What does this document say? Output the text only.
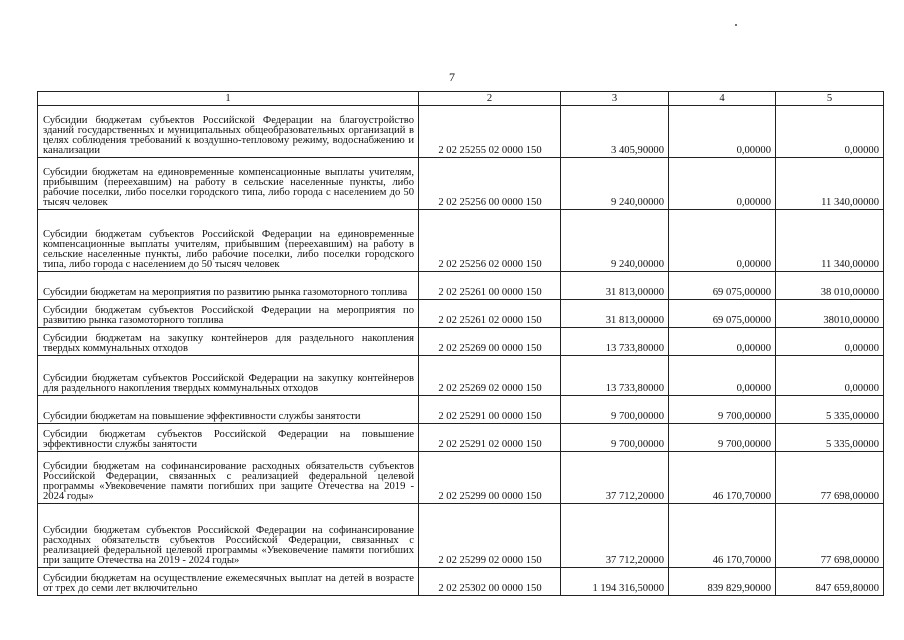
7
1	2	3	4	5
Субсидии бюджетам субъектов Российской Федерации на благоустройство зданий государственных и муниципальных общеобразовательных организаций в целях соблюдения требований к воздушно-тепловому режиму, водоснабжению и канализации	2 02 25255 02 0000 150	3 405,90000	0,00000	0,00000
Субсидии бюджетам на единовременные компенсационные выплаты учителям, прибывшим (переехавшим) на работу в сельские населенные пункты, либо рабочие поселки, либо поселки городского типа, либо города с населением до 50 тысяч человек	2 02 25256 00 0000 150	9 240,00000	0,00000	11 340,00000
Субсидии бюджетам субъектов Российской Федерации на единовременные компенсационные выплаты учителям, прибывшим (переехавшим) на работу в сельские населенные пункты, либо рабочие поселки, либо поселки городского типа, либо города с населением до 50 тысяч человек	2 02 25256 02 0000 150	9 240,00000	0,00000	11 340,00000
Субсидии бюджетам на мероприятия по развитию рынка газомоторного топлива	2 02 25261 00 0000 150	31 813,00000	69 075,00000	38 010,00000
Субсидии бюджетам субъектов Российской Федерации на мероприятия по развитию рынка газомоторного топлива	2 02 25261 02 0000 150	31 813,00000	69 075,00000	38010,00000
Субсидии бюджетам на закупку контейнеров для раздельного накопления твердых коммунальных отходов	2 02 25269 00 0000 150	13 733,80000	0,00000	0,00000
Субсидии бюджетам субъектов Российской Федерации на закупку контейнеров для раздельного накопления твердых коммунальных отходов	2 02 25269 02 0000 150	13 733,80000	0,00000	0,00000
Субсидии бюджетам на повышение эффективности службы занятости	2 02 25291 00 0000 150	9 700,00000	9 700,00000	5 335,00000
Субсидии бюджетам субъектов Российской Федерации на повышение эффективности службы занятости	2 02 25291 02 0000 150	9 700,00000	9 700,00000	5 335,00000
Субсидии бюджетам на софинансирование расходных обязательств субъектов Российской Федерации, связанных с реализацией федеральной целевой программы «Увековечение памяти погибших при защите Отечества на 2019 - 2024 годы»	2 02 25299 00 0000 150	37 712,20000	46 170,70000	77 698,00000
Субсидии бюджетам субъектов Российской Федерации на софинансирование расходных обязательств субъектов Российской Федерации, связанных с реализацией федеральной целевой программы «Увековечение памяти погибших при защите Отечества на 2019 - 2024 годы»	2 02 25299 02 0000 150	37 712,20000	46 170,70000	77 698,00000
Субсидии бюджетам на осуществление ежемесячных выплат на детей в возрасте от трех до семи лет включительно	2 02 25302 00 0000 150	1 194 316,50000	839 829,90000	847 659,80000
